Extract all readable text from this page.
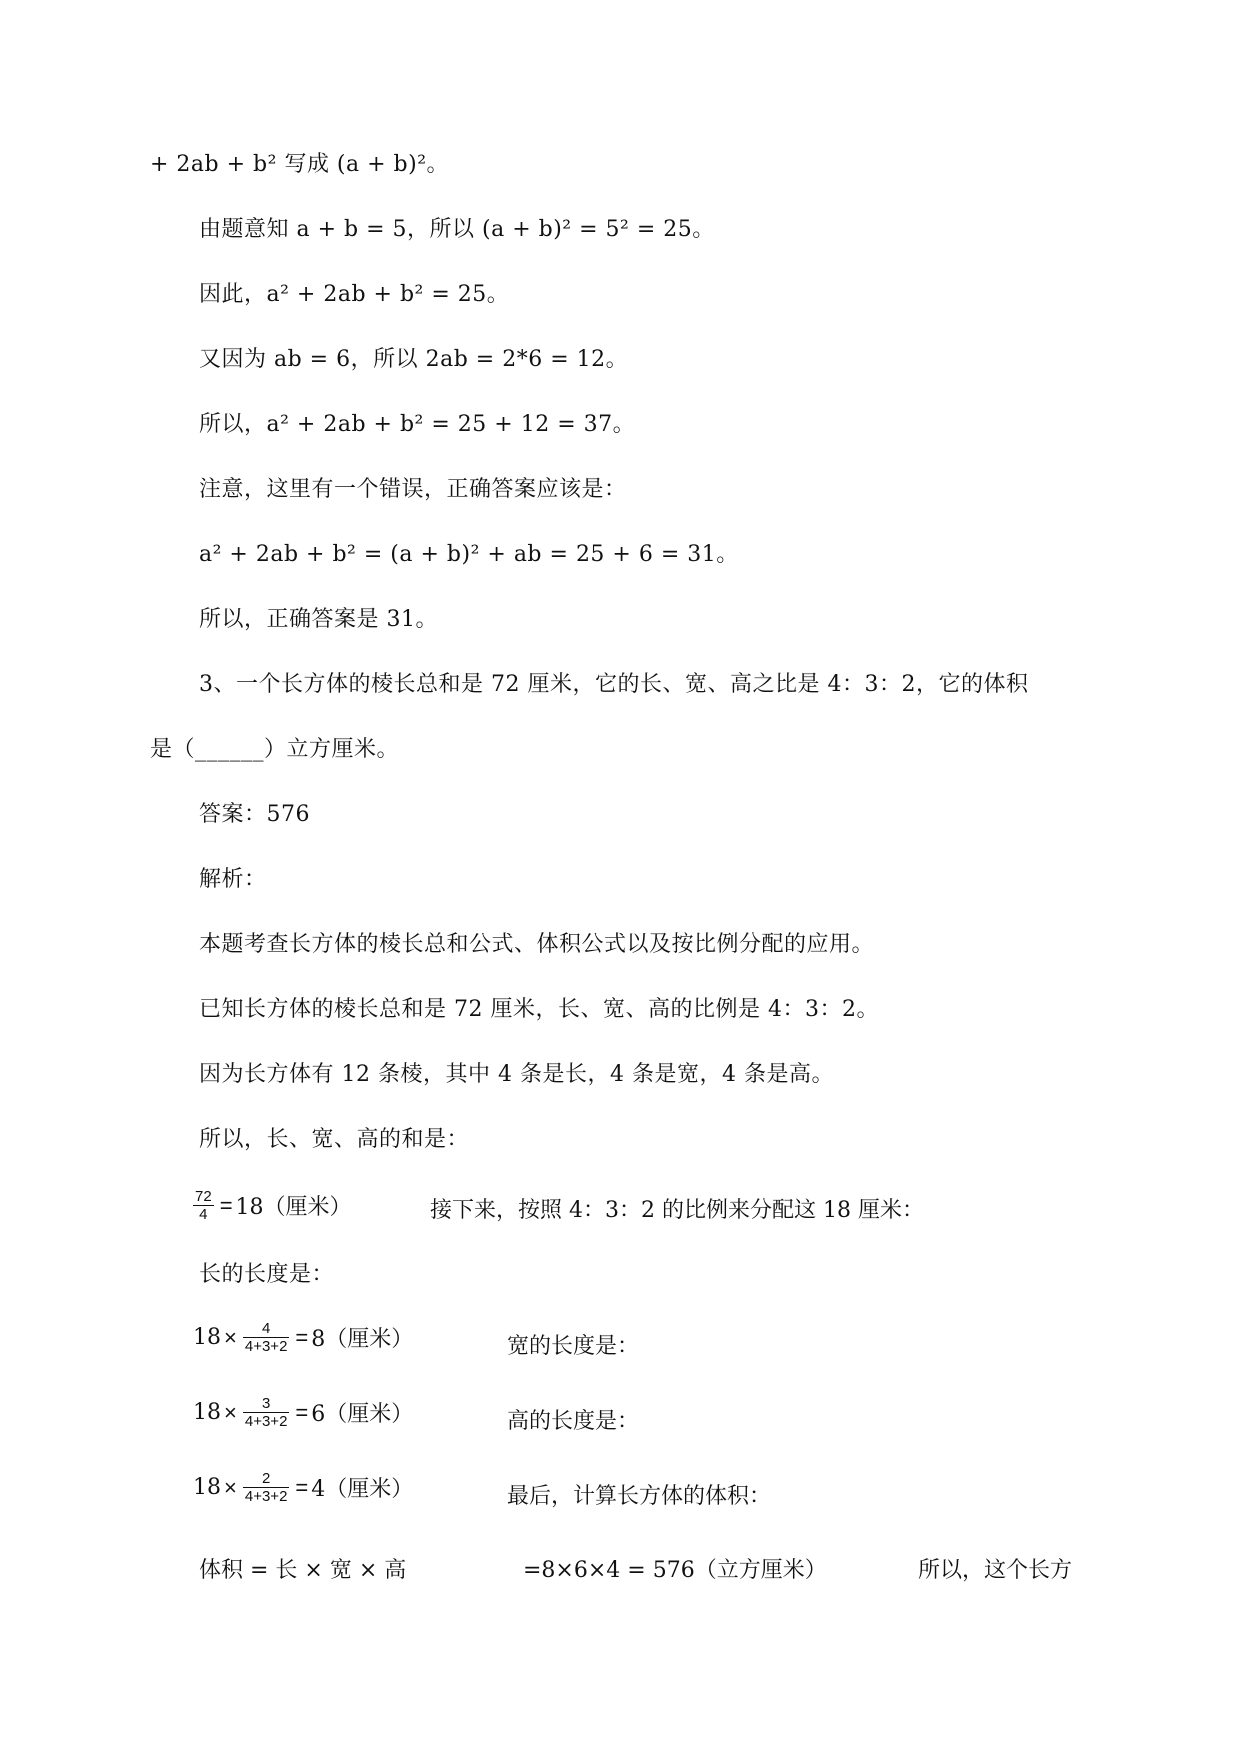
+ 2ab + b² 写成 (a + b)²。
由题意知 a + b = 5，所以 (a + b)² = 5² = 25。
因此，a² + 2ab + b² = 25。
又因为 ab = 6，所以 2ab = 2*6 = 12。
所以，a² + 2ab + b² = 25 + 12 = 37。
注意，这里有一个错误，正确答案应该是：
a² + 2ab + b² = (a + b)² + ab = 25 + 6 = 31。
所以，正确答案是 31。
3、一个长方体的棱长总和是 72 厘米，它的长、宽、高之比是 4：3：2，它的体积
是（______）立方厘米。
答案：576
解析：
本题考查长方体的棱长总和公式、体积公式以及按比例分配的应用。
已知长方体的棱长总和是 72 厘米，长、宽、高的比例是 4：3：2。
因为长方体有 12 条棱，其中 4 条是长，4 条是宽，4 条是高。
所以，长、宽、高的和是：
$\frac{72}{4} = 18$（厘米）	接下来，按照 4：3：2 的比例来分配这 18 厘米：
长的长度是：
$18 \times \frac{4}{4+3+2} = 8$（厘米）	宽的长度是：
$18 \times \frac{3}{4+3+2} = 6$（厘米）	高的长度是：
$18 \times \frac{2}{4+3+2} = 4$（厘米）	最后，计算长方体的体积：
体积 = 长 × 宽 × 高	=8×6×4 = 576（立方厘米）	所以，这个长方
